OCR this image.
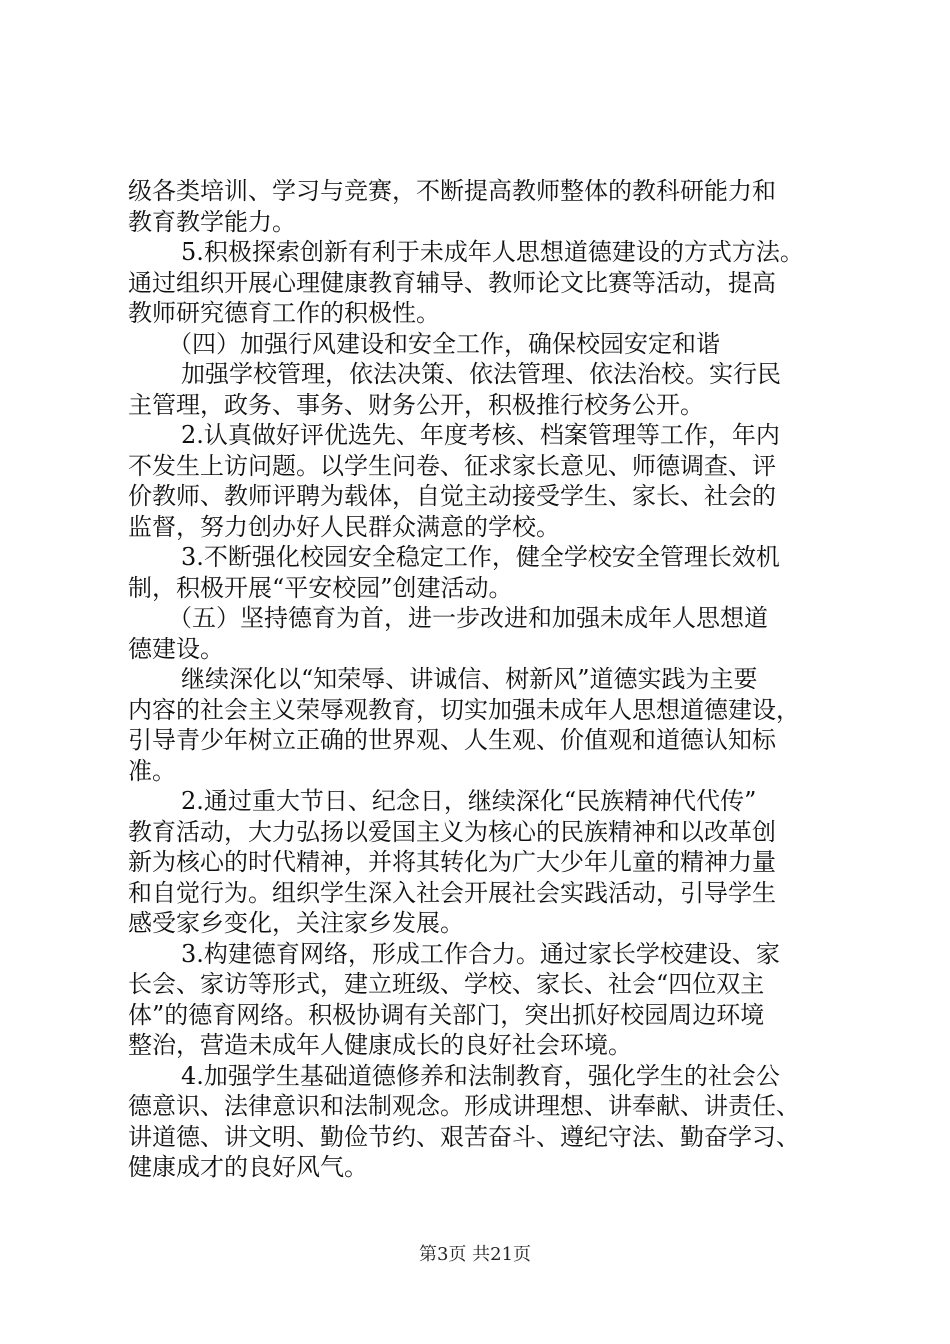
级各类培训、学习与竞赛，不断提高教师整体的教科研能力和
教育教学能力。
5.积极探索创新有利于未成年人思想道德建设的方式方法。
通过组织开展心理健康教育辅导、教师论文比赛等活动，提高
教师研究德育工作的积极性。
（四）加强行风建设和安全工作，确保校园安定和谐
加强学校管理，依法决策、依法管理、依法治校。实行民
主管理，政务、事务、财务公开，积极推行校务公开。
2.认真做好评优选先、年度考核、档案管理等工作，年内
不发生上访问题。以学生问卷、征求家长意见、师德调查、评
价教师、教师评聘为载体，自觉主动接受学生、家长、社会的
监督，努力创办好人民群众满意的学校。
3.不断强化校园安全稳定工作，健全学校安全管理长效机
制，积极开展“平安校园”创建活动。
（五）坚持德育为首，进一步改进和加强未成年人思想道
德建设。
继续深化以“知荣辱、讲诚信、树新风”道德实践为主要
内容的社会主义荣辱观教育，切实加强未成年人思想道德建设，
引导青少年树立正确的世界观、人生观、价值观和道德认知标
准。
2.通过重大节日、纪念日，继续深化“民族精神代代传”
教育活动，大力弘扬以爱国主义为核心的民族精神和以改革创
新为核心的时代精神，并将其转化为广大少年儿童的精神力量
和自觉行为。组织学生深入社会开展社会实践活动，引导学生
感受家乡变化，关注家乡发展。
3.构建德育网络，形成工作合力。通过家长学校建设、家
长会、家访等形式，建立班级、学校、家长、社会“四位双主
体”的德育网络。积极协调有关部门，突出抓好校园周边环境
整治，营造未成年人健康成长的良好社会环境。
4.加强学生基础道德修养和法制教育，强化学生的社会公
德意识、法律意识和法制观念。形成讲理想、讲奉献、讲责任、
讲道德、讲文明、勤俭节约、艰苦奋斗、遵纪守法、勤奋学习、
健康成才的良好风气。
第3页 共21页
